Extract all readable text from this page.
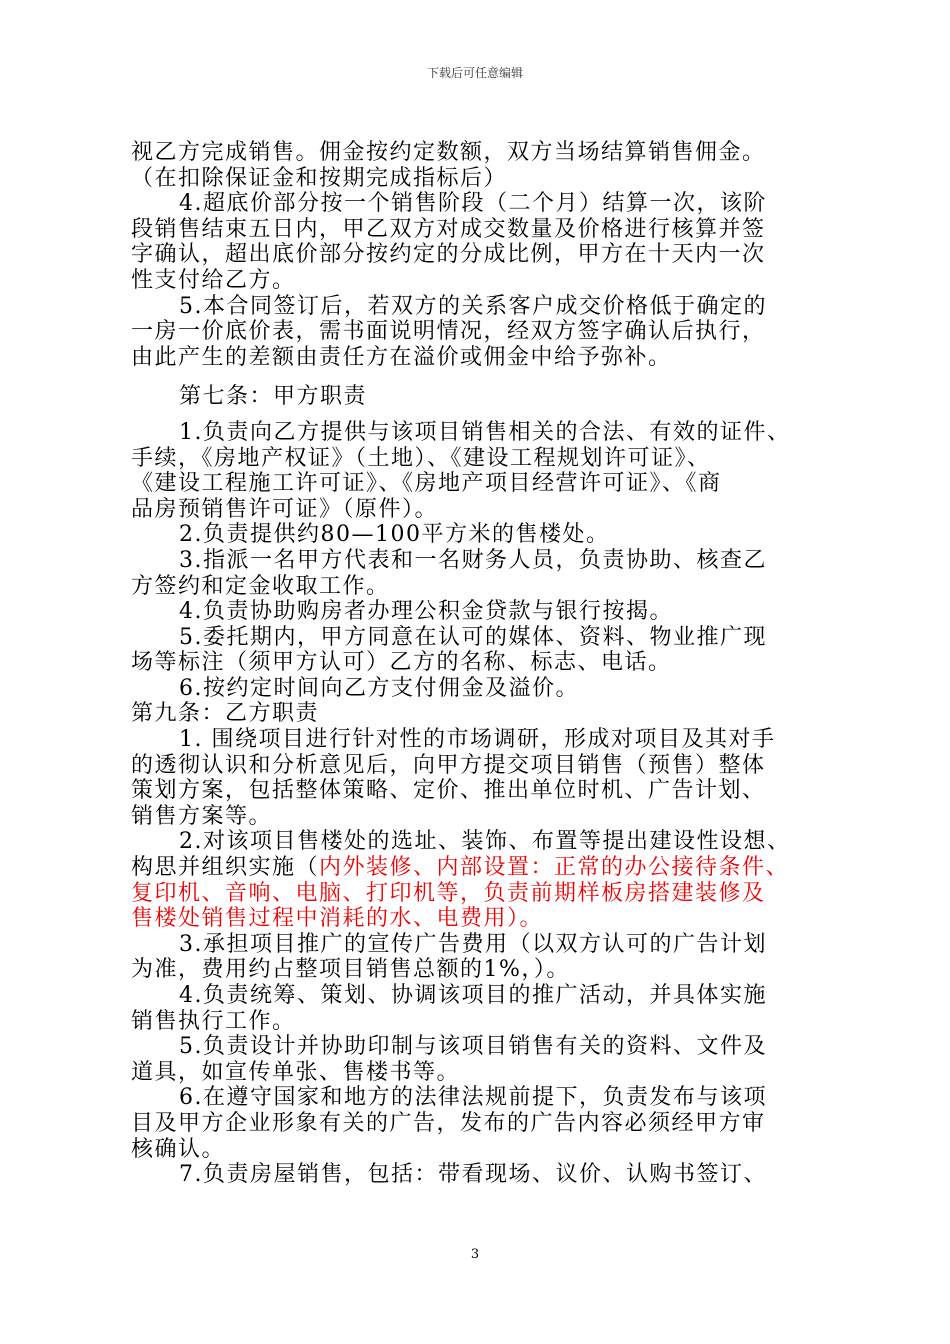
下载后可任意编辑

视乙方完成销售。佣金按约定数额，双方当场结算销售佣金。

（在扣除保证金和按期完成指标后）

4.超底价部分按一个销售阶段（二个月）结算一次，该阶

段销售结束五日内，甲乙双方对成交数量及价格进行核算并签

字确认，超出底价部分按约定的分成比例，甲方在十天内一次

性支付给乙方。

5.本合同签订后，若双方的关系客户成交价格低于确定的

一房一价底价表，需书面说明情况，经双方签字确认后执行，

由此产生的差额由责任方在溢价或佣金中给予弥补。

第七条：甲方职责

1.负责向乙方提供与该项目销售相关的合法、有效的证件、

手续，《房地产权证》（土地）、《建设工程规划许可证》、

《建设工程施工许可证》、《房地产项目经营许可证》、《商

品房预销售许可证》（原件）。

2.负责提供约80—100平方米的售楼处。

3.指派一名甲方代表和一名财务人员，负责协助、核查乙

方签约和定金收取工作。

4.负责协助购房者办理公积金贷款与银行按揭。

5.委托期内，甲方同意在认可的媒体、资料、物业推广现

场等标注（须甲方认可）乙方的名称、标志、电话。

6.按约定时间向乙方支付佣金及溢价。

第九条：乙方职责

1. 围绕项目进行针对性的市场调研，形成对项目及其对手

的透彻认识和分析意见后，向甲方提交项目销售（预售）整体

策划方案，包括整体策略、定价、推出单位时机、广告计划、

销售方案等。

2.对该项目售楼处的选址、装饰、布置等提出建设性设想、

构思并组织实施（内外装修、内部设置：正常的办公接待条件、

复印机、音响、电脑、打印机等，负责前期样板房搭建装修及

售楼处销售过程中消耗的水、电费用）。

3.承担项目推广的宣传广告费用（以双方认可的广告计划

为准，费用约占整项目销售总额的1%，）。

4.负责统筹、策划、协调该项目的推广活动，并具体实施

销售执行工作。

5.负责设计并协助印制与该项目销售有关的资料、文件及

道具，如宣传单张、售楼书等。

6.在遵守国家和地方的法律法规前提下，负责发布与该项

目及甲方企业形象有关的广告，发布的广告内容必须经甲方审

核确认。

7.负责房屋销售，包括：带看现场、议价、认购书签订、

3
